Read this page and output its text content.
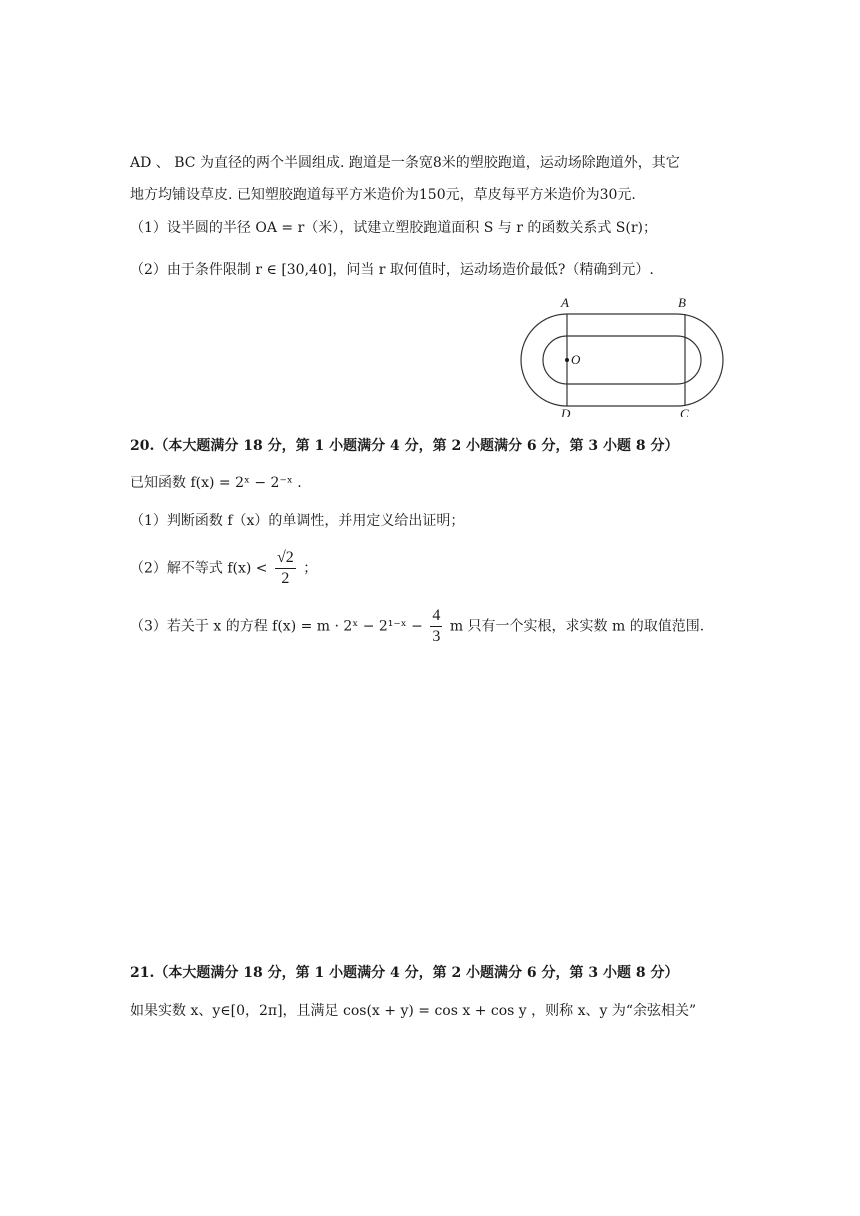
AD 、 BC 为直径的两个半圆组成. 跑道是一条宽8米的塑胶跑道，运动场除跑道外，其它
地方均铺设草皮. 已知塑胶跑道每平方米造价为150元，草皮每平方米造价为30元.
（1）设半圆的半径 OA = r（米），试建立塑胶跑道面积 S 与 r 的函数关系式 S(r)；
（2）由于条件限制 r ∈ [30,40]，问当 r 取何值时，运动场造价最低?（精确到元）.
A	B
D	C
O
20.（本大题满分 18 分，第 1 小题满分 4 分，第 2 小题满分 6 分，第 3 小题 8 分）
已知函数 f(x) = 2ˣ − 2⁻ˣ .
（1）判断函数 f（x）的单调性，并用定义给出证明；
（2）解不等式 $f(x) < \frac{√2}{2}$ ；
（3）若关于 x 的方程 f(x) = m · 2ˣ − 2¹⁻ˣ − $\frac{4}{3}$ m 只有一个实根，求实数 m 的取值范围.
21.（本大题满分 18 分，第 1 小题满分 4 分，第 2 小题满分 6 分，第 3 小题 8 分）
如果实数 x、y∈[0，2π]，且满足 cos(x + y) = cos x + cos y ，则称 x、y 为“余弦相关”
